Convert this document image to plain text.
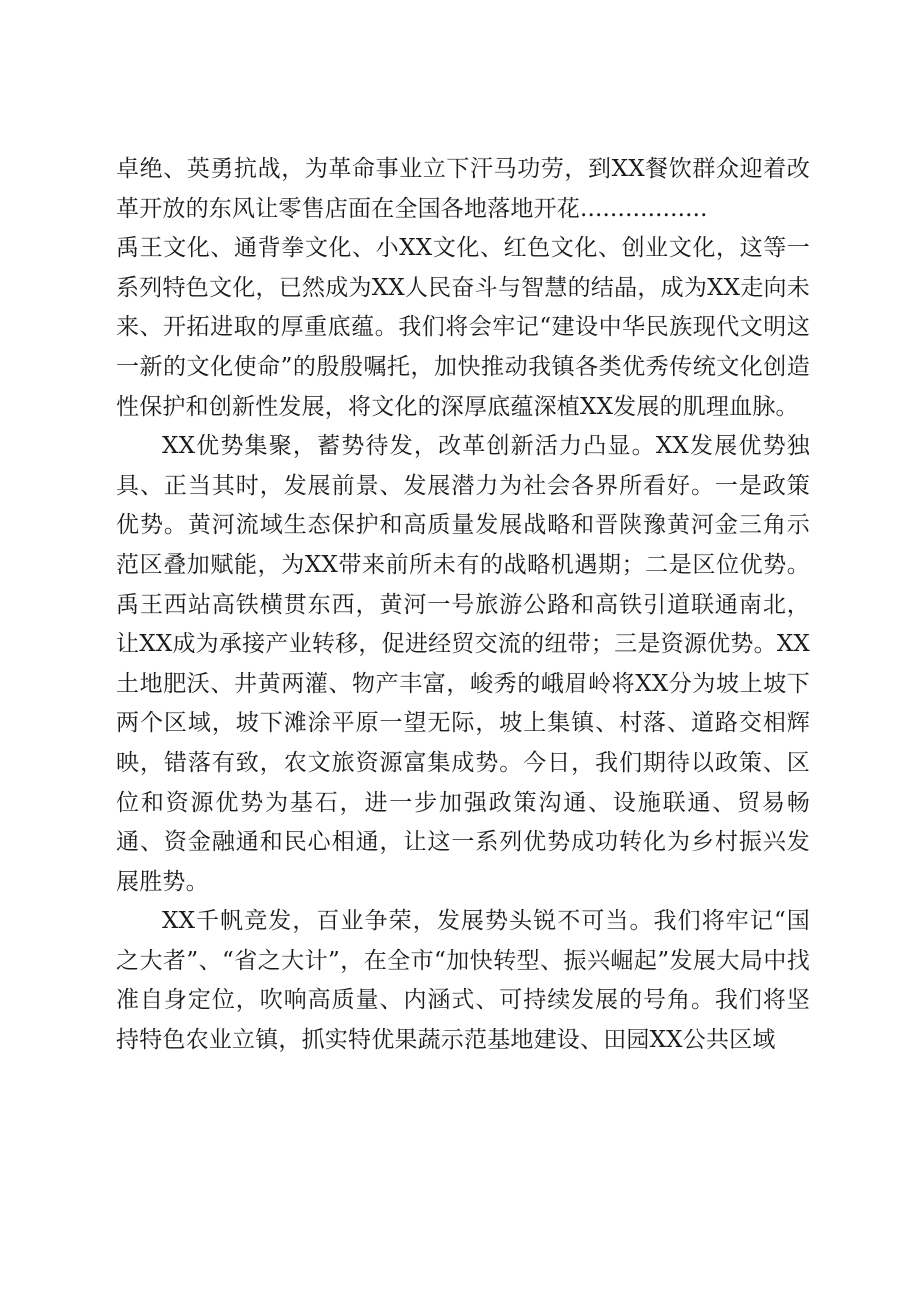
卓绝、英勇抗战，为革命事业立下汗马功劳，到XX餐饮群众迎着改革开放的东风让零售店面在全国各地落地开花.................

禹王文化、通背拳文化、小XX文化、红色文化、创业文化，这等一系列特色文化，已然成为XX人民奋斗与智慧的结晶，成为XX走向未来、开拓进取的厚重底蕴。我们将会牢记“建设中华民族现代文明这一新的文化使命”的殷殷嘱托，加快推动我镇各类优秀传统文化创造性保护和创新性发展，将文化的深厚底蕴深植XX发展的肌理血脉。

XX优势集聚，蓄势待发，改革创新活力凸显。XX发展优势独具、正当其时，发展前景、发展潜力为社会各界所看好。一是政策优势。黄河流域生态保护和高质量发展战略和晋陕豫黄河金三角示范区叠加赋能，为XX带来前所未有的战略机遇期；二是区位优势。禹王西站高铁横贯东西，黄河一号旅游公路和高铁引道联通南北，让XX成为承接产业转移，促进经贸交流的纽带；三是资源优势。XX土地肥沃、井黄两灌、物产丰富，峻秀的峨眉岭将XX分为坡上坡下两个区域，坡下滩涂平原一望无际，坡上集镇、村落、道路交相辉映，错落有致，农文旅资源富集成势。今日，我们期待以政策、区位和资源优势为基石，进一步加强政策沟通、设施联通、贸易畅通、资金融通和民心相通，让这一系列优势成功转化为乡村振兴发展胜势。

XX千帆竞发，百业争荣，发展势头锐不可当。我们将牢记“国之大者”、“省之大计”，在全市“加快转型、振兴崛起”发展大局中找准自身定位，吹响高质量、内涵式、可持续发展的号角。我们将坚持特色农业立镇，抓实特优果蔬示范基地建设、田园XX公共区域
